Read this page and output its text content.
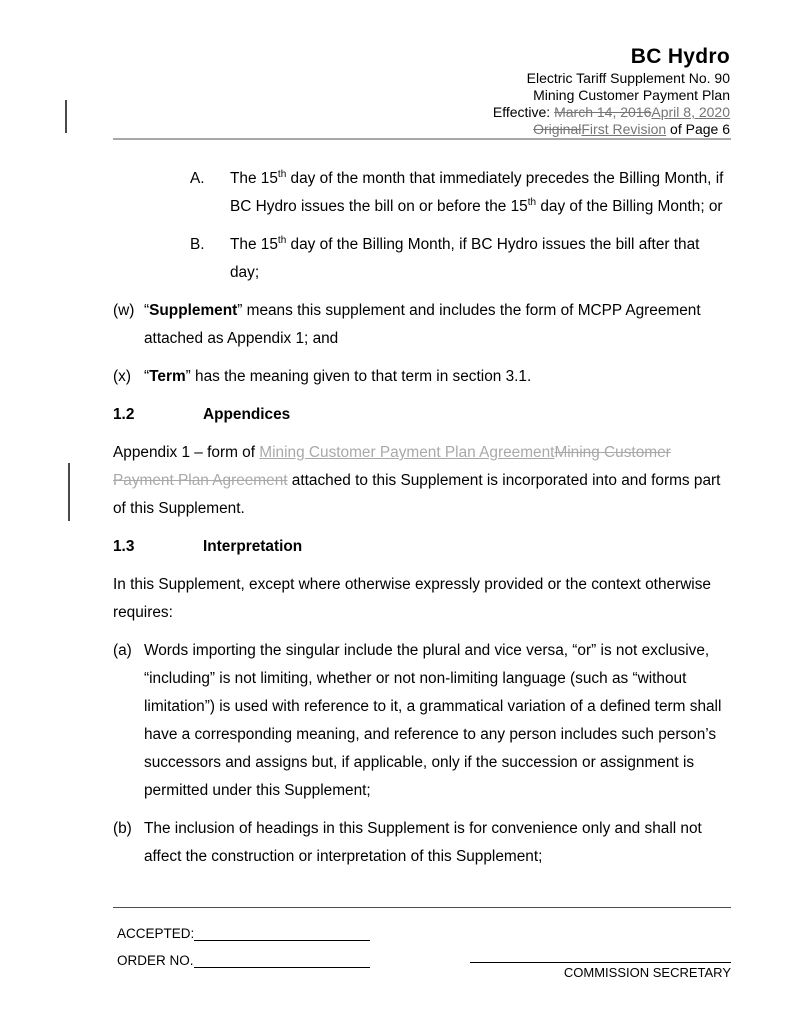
BC Hydro
Electric Tariff Supplement No. 90
Mining Customer Payment Plan
Effective: March 14, 2016April 8, 2020
OriginalFirst Revision of Page 6
A.	The 15th day of the month that immediately precedes the Billing Month, if BC Hydro issues the bill on or before the 15th day of the Billing Month; or
B.	The 15th day of the Billing Month, if BC Hydro issues the bill after that day;
(w) “Supplement” means this supplement and includes the form of MCPP Agreement attached as Appendix 1; and
(x) “Term” has the meaning given to that term in section 3.1.
1.2	Appendices
Appendix 1 – form of Mining Customer Payment Plan AgreementMining Customer Payment Plan Agreement attached to this Supplement is incorporated into and forms part of this Supplement.
1.3	Interpretation
In this Supplement, except where otherwise expressly provided or the context otherwise requires:
(a) Words importing the singular include the plural and vice versa, “or” is not exclusive, “including” is not limiting, whether or not non-limiting language (such as “without limitation”) is used with reference to it, a grammatical variation of a defined term shall have a corresponding meaning, and reference to any person includes such person’s successors and assigns but, if applicable, only if the succession or assignment is permitted under this Supplement;
(b) The inclusion of headings in this Supplement is for convenience only and shall not affect the construction or interpretation of this Supplement;
ACCEPTED:
ORDER NO.
COMMISSION SECRETARY
